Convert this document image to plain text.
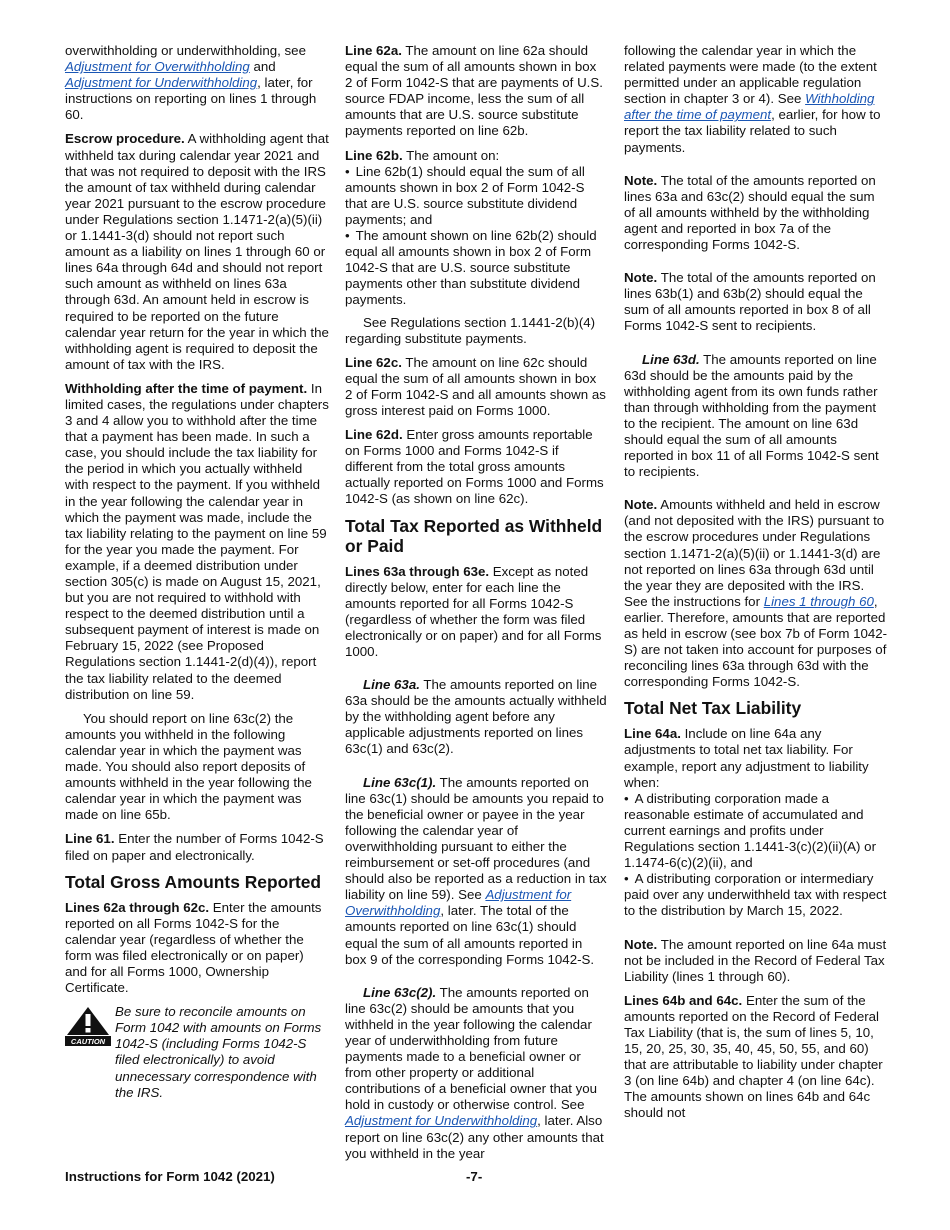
overwithholding or underwithholding, see Adjustment for Overwithholding and Adjustment for Underwithholding, later, for instructions on reporting on lines 1 through 60.

Escrow procedure. A withholding agent that withheld tax during calendar year 2021 and that was not required to deposit with the IRS the amount of tax withheld during calendar year 2021 pursuant to the escrow procedure under Regulations section 1.1471-2(a)(5)(ii) or 1.1441-3(d) should not report such amount as a liability on lines 1 through 60 or lines 64a through 64d and should not report such amount as withheld on lines 63a through 63d. An amount held in escrow is required to be reported on the future calendar year return for the year in which the withholding agent is required to deposit the amount of tax with the IRS.

Withholding after the time of payment. In limited cases, the regulations under chapters 3 and 4 allow you to withhold after the time that a payment has been made. In such a case, you should include the tax liability for the period in which you actually withheld with respect to the payment. If you withheld in the year following the calendar year in which the payment was made, include the tax liability relating to the payment on line 59 for the year you made the payment. For example, if a deemed distribution under section 305(c) is made on August 15, 2021, but you are not required to withhold with respect to the deemed distribution until a subsequent payment of interest is made on February 15, 2022 (see Proposed Regulations section 1.1441-2(d)(4)), report the tax liability related to the deemed distribution on line 59.

You should report on line 63c(2) the amounts you withheld in the following calendar year in which the payment was made. You should also report deposits of amounts withheld in the year following the calendar year in which the payment was made on line 65b.

Line 61. Enter the number of Forms 1042-S filed on paper and electronically.

Total Gross Amounts Reported

Lines 62a through 62c. Enter the amounts reported on all Forms 1042-S for the calendar year (regardless of whether the form was filed electronically or on paper) and for all Forms 1000, Ownership Certificate.

CAUTION
Be sure to reconcile amounts on Form 1042 with amounts on Forms 1042-S (including Forms 1042-S filed electronically) to avoid unnecessary correspondence with the IRS.

Line 62a. The amount on line 62a should equal the sum of all amounts shown in box 2 of Form 1042-S that are payments of U.S. source FDAP income, less the sum of all amounts that are U.S. source substitute payments reported on line 62b.

Line 62b. The amount on:

• Line 62b(1) should equal the sum of all amounts shown in box 2 of Form 1042-S that are U.S. source substitute dividend payments; and
• The amount shown on line 62b(2) should equal all amounts shown in box 2 of Form 1042-S that are U.S. source substitute payments other than substitute dividend payments.

See Regulations section 1.1441-2(b)(4) regarding substitute payments.

Line 62c. The amount on line 62c should equal the sum of all amounts shown in box 2 of Form 1042-S and all amounts shown as gross interest paid on Forms 1000.

Line 62d. Enter gross amounts reportable on Forms 1000 and Forms 1042-S if different from the total gross amounts actually reported on Forms 1000 and Forms 1042-S (as shown on line 62c).

Total Tax Reported as Withheld or Paid

Lines 63a through 63e. Except as noted directly below, enter for each line the amounts reported for all Forms 1042-S (regardless of whether the form was filed electronically or on paper) and for all Forms 1000.

Line 63a. The amounts reported on line 63a should be the amounts actually withheld by the withholding agent before any applicable adjustments reported on lines 63c(1) and 63c(2).

Line 63c(1). The amounts reported on line 63c(1) should be amounts you repaid to the beneficial owner or payee in the year following the calendar year of overwithholding pursuant to either the reimbursement or set-off procedures (and should also be reported as a reduction in tax liability on line 59). See Adjustment for Overwithholding, later. The total of the amounts reported on line 63c(1) should equal the sum of all amounts reported in box 9 of the corresponding Forms 1042-S.

Line 63c(2). The amounts reported on line 63c(2) should be amounts that you withheld in the year following the calendar year of underwithholding from future payments made to a beneficial owner or from other property or additional contributions of a beneficial owner that you hold in custody or otherwise control. See Adjustment for Underwithholding, later. Also report on line 63c(2) any other amounts that you withheld in the year

following the calendar year in which the related payments were made (to the extent permitted under an applicable regulation section in chapter 3 or 4). See Withholding after the time of payment, earlier, for how to report the tax liability related to such payments.

Note. The total of the amounts reported on lines 63a and 63c(2) should equal the sum of all amounts withheld by the withholding agent and reported in box 7a of the corresponding Forms 1042-S.

Note. The total of the amounts reported on lines 63b(1) and 63b(2) should equal the sum of all amounts reported in box 8 of all Forms 1042-S sent to recipients.

Line 63d. The amounts reported on line 63d should be the amounts paid by the withholding agent from its own funds rather than through withholding from the payment to the recipient. The amount on line 63d should equal the sum of all amounts reported in box 11 of all Forms 1042-S sent to recipients.

Note. Amounts withheld and held in escrow (and not deposited with the IRS) pursuant to the escrow procedures under Regulations section 1.1471-2(a)(5)(ii) or 1.1441-3(d) are not reported on lines 63a through 63d until the year they are deposited with the IRS. See the instructions for Lines 1 through 60, earlier. Therefore, amounts that are reported as held in escrow (see box 7b of Form 1042-S) are not taken into account for purposes of reconciling lines 63a through 63d with the corresponding Forms 1042-S.

Total Net Tax Liability

Line 64a. Include on line 64a any adjustments to total net tax liability. For example, report any adjustment to liability when:

• A distributing corporation made a reasonable estimate of accumulated and current earnings and profits under Regulations section 1.1441-3(c)(2)(ii)(A) or 1.1474-6(c)(2)(ii), and
• A distributing corporation or intermediary paid over any underwithheld tax with respect to the distribution by March 15, 2022.

Note. The amount reported on line 64a must not be included in the Record of Federal Tax Liability (lines 1 through 60).

Lines 64b and 64c. Enter the sum of the amounts reported on the Record of Federal Tax Liability (that is, the sum of lines 5, 10, 15, 20, 25, 30, 35, 40, 45, 50, 55, and 60) that are attributable to liability under chapter 3 (on line 64b) and chapter 4 (on line 64c). The amounts shown on lines 64b and 64c should not

Instructions for Form 1042 (2021)	-7-
